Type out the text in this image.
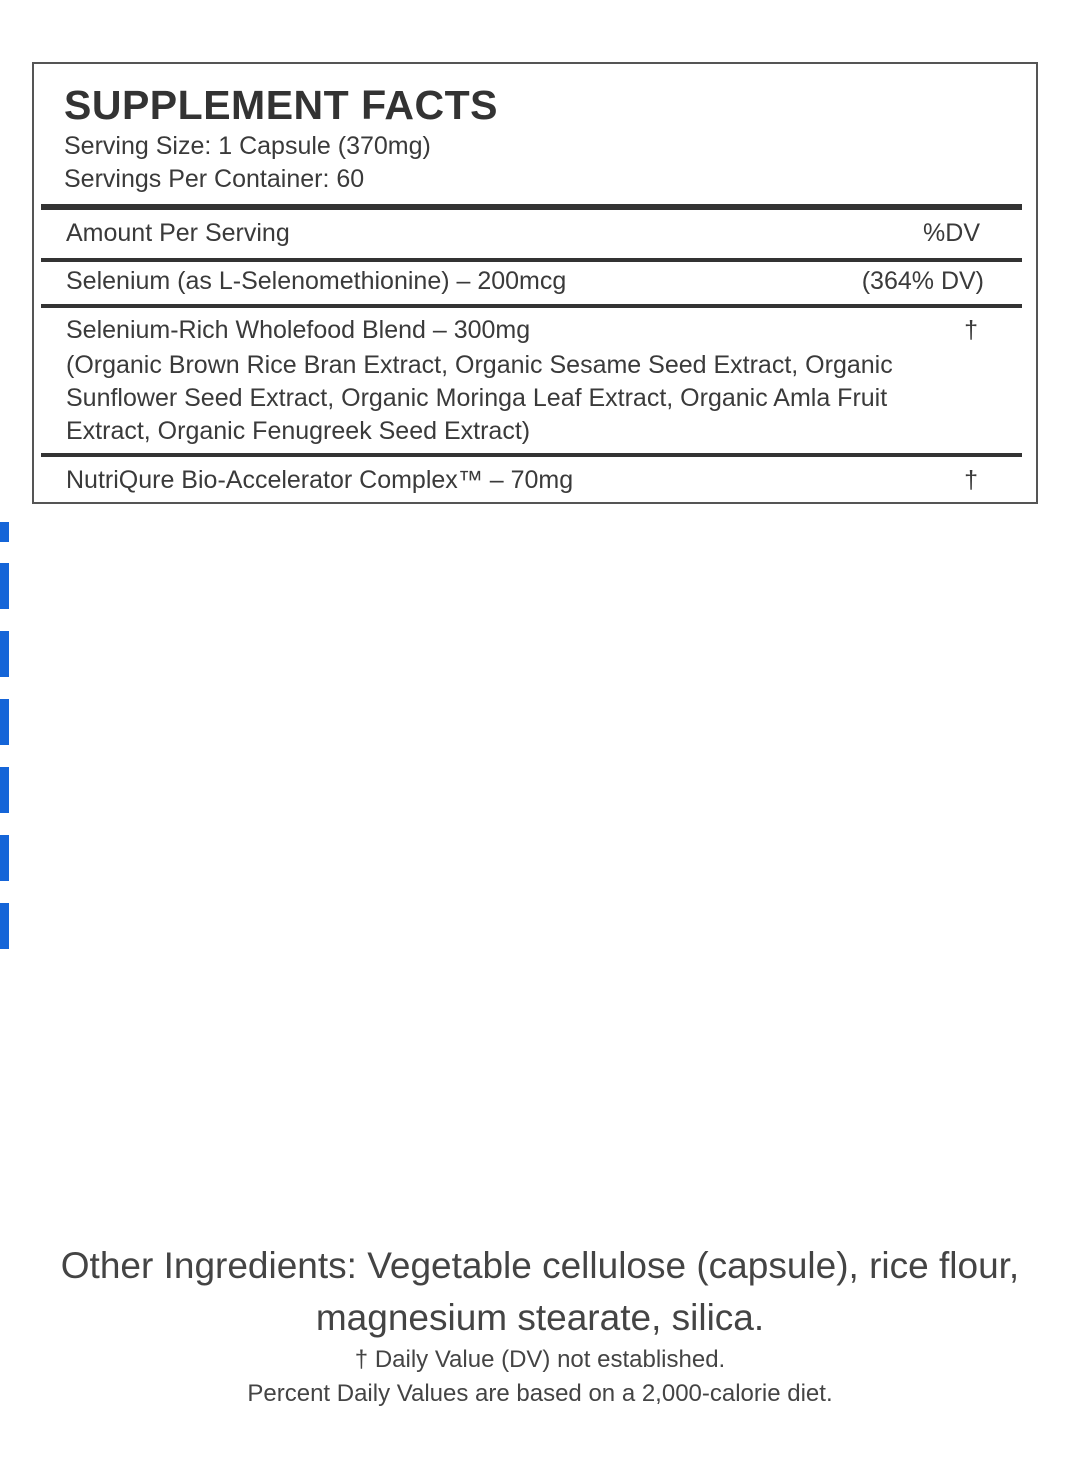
SUPPLEMENT FACTS
Serving Size: 1 Capsule (370mg)
Servings Per Container: 60
Amount Per Serving	%DV
Selenium (as L-Selenomethionine) – 200mcg	(364% DV)
Selenium-Rich Wholefood Blend – 300mg	†
(Organic Brown Rice Bran Extract, Organic Sesame Seed Extract, Organic Sunflower Seed Extract, Organic Moringa Leaf Extract, Organic Amla Fruit Extract, Organic Fenugreek Seed Extract)
NutriQure Bio-Accelerator Complex™ – 70mg	†
Other Ingredients: Vegetable cellulose (capsule), rice flour, magnesium stearate, silica.
† Daily Value (DV) not established.
Percent Daily Values are based on a 2,000-calorie diet.
